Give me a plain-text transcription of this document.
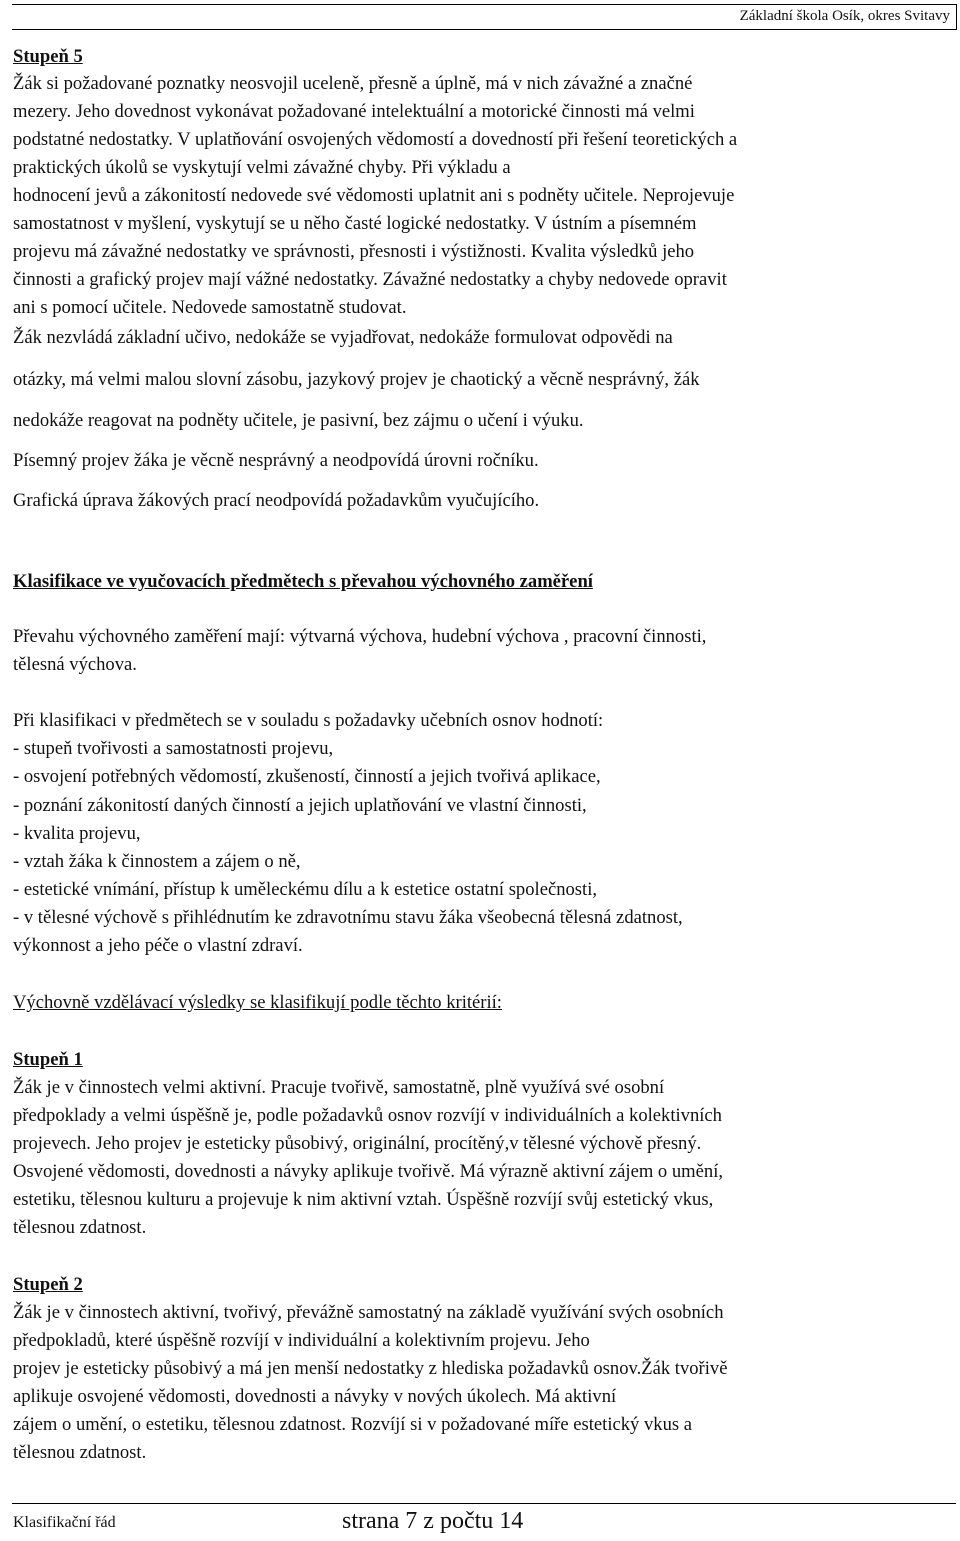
Základní škola Osík, okres Svitavy
Stupeň 5
Žák si požadované poznatky neosvojil uceleně, přesně a úplně, má v nich závažné a značné
mezery. Jeho dovednost vykonávat požadované intelektuální a motorické činnosti má velmi
podstatné nedostatky. V uplatňování osvojených vědomostí a dovedností při řešení teoretických a
praktických úkolů se vyskytují velmi závažné chyby. Při výkladu a
hodnocení jevů a zákonitostí nedovede své vědomosti uplatnit ani s podněty učitele. Neprojevuje
samostatnost v myšlení, vyskytují se u něho časté logické nedostatky. V ústním a písemném
projevu má závažné nedostatky ve správnosti, přesnosti i výstižnosti. Kvalita výsledků jeho
činnosti a grafický projev mají vážné nedostatky. Závažné nedostatky a chyby nedovede opravit
ani s pomocí učitele. Nedovede samostatně studovat.
Žák nezvládá základní učivo, nedokáže se vyjadřovat, nedokáže formulovat odpovědi na
otázky, má velmi malou slovní zásobu, jazykový projev je chaotický a věcně nesprávný, žák
nedokáže reagovat na podněty učitele, je pasivní, bez zájmu o učení i výuku.
Písemný projev žáka je věcně nesprávný a neodpovídá úrovni ročníku.
Grafická úprava žákových prací neodpovídá požadavkům vyučujícího.
Klasifikace ve vyučovacích předmětech s převahou výchovného zaměření
Převahu výchovného zaměření mají: výtvarná výchova, hudební výchova , pracovní činnosti,
tělesná výchova.
Při klasifikaci v předmětech se v souladu s požadavky učebních osnov hodnotí:
- stupeň tvořivosti a samostatnosti projevu,
- osvojení potřebných vědomostí, zkušeností, činností a jejich tvořivá aplikace,
- poznání zákonitostí daných činností a jejich uplatňování ve vlastní činnosti,
- kvalita projevu,
- vztah žáka k činnostem a zájem o ně,
- estetické vnímání, přístup k uměleckému dílu a k estetice ostatní společnosti,
- v tělesné výchově s přihlédnutím ke zdravotnímu stavu žáka všeobecná tělesná zdatnost,
výkonnost a jeho péče o vlastní zdraví.
Výchovně vzdělávací výsledky se klasifikují podle těchto kritérií:
Stupeň 1
Žák je v činnostech velmi aktivní. Pracuje tvořivě, samostatně, plně využívá své osobní
předpoklady a velmi úspěšně je, podle požadavků osnov rozvíjí v individuálních a kolektivních
projevech. Jeho projev je esteticky působivý, originální, procítěný,v tělesné výchově přesný.
Osvojené vědomosti, dovednosti a návyky aplikuje tvořivě. Má výrazně aktivní zájem o umění,
estetiku, tělesnou kulturu a projevuje k nim aktivní vztah. Úspěšně rozvíjí svůj estetický vkus,
tělesnou zdatnost.
Stupeň 2
Žák je v činnostech aktivní, tvořivý, převážně samostatný na základě využívání svých osobních
předpokladů, které úspěšně rozvíjí v individuální a kolektivním projevu. Jeho
projev je esteticky působivý a má jen menší nedostatky z hlediska požadavků osnov.Žák tvořivě
aplikuje osvojené vědomosti, dovednosti a návyky v nových úkolech. Má aktivní
zájem o umění, o estetiku, tělesnou zdatnost. Rozvíjí si v požadované míře estetický vkus a
tělesnou zdatnost.
Klasifikační řád	strana 7 z počtu 14
